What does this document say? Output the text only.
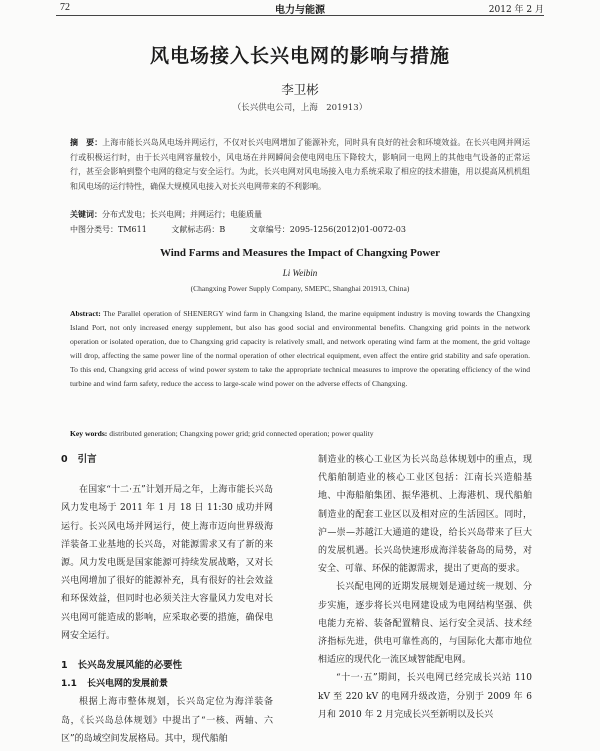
72	电力与能源	2012 年 2 月
风电场接入长兴电网的影响与措施
李卫彬
（长兴供电公司，上海　201913）
摘　要：上海市能长兴岛风电场并网运行，不仅对长兴电网增加了能源补充，同时具有良好的社会和环境效益。在长兴电网并网运行或积极运行时，由于长兴电网容量较小，风电场在并网瞬间会使电网电压下降较大，影响同一电网上的其他电气设备的正常运行，甚至会影响到整个电网的稳定与安全运行。为此，长兴电网对风电场接入电力系统采取了相应的技术措施，用以提高风机机组和风电场的运行特性，确保大规模风电接入对长兴电网带来的不利影响。
关键词：分布式发电；长兴电网；并网运行；电能质量
中图分类号：TM611	文献标志码：B	文章编号：2095-1256(2012)01-0072-03
Wind Farms and Measures the Impact of Changxing Power
Li Weibin
(Changxing Power Supply Company, SMEPC, Shanghai 201913, China)
Abstract: The Parallel operation of SHENERGY wind farm in Changxing Island, the marine equipment industry is moving towards the Changxing Island Port, not only increased energy supplement, but also has good social and environmental benefits. Changxing grid points in the network operation or isolated operation, due to Changxing grid capacity is relatively small, and network operating wind farm at the moment, the grid voltage will drop, affecting the same power line of the normal operation of other electrical equipment, even affect the entire grid stability and safe operation. To this end, Changxing grid access of wind power system to take the appropriate technical measures to improve the operating efficiency of the wind turbine and wind farm safety, reduce the access to large-scale wind power on the adverse effects of Changxing.
Key words: distributed generation; Changxing power grid; grid connected operation; power quality
0 引言

在国家“十二·五”计划开局之年，上海市能长兴岛风力发电场于 2011 年 1 月 18 日 11:30 成功并网运行。长兴风电场并网运行，使上海市迈向世界级海洋装备工业基地的长兴岛，对能源需求又有了新的来源。风力发电既是国家能源可持续发展战略，又对长兴电网增加了很好的能源补充，具有很好的社会效益和环保效益，但同时也必须关注大容量风力发电对长兴电网可能造成的影响，应采取必要的措施，确保电网安全运行。

1 长兴岛发展风能的必要性
1.1 长兴电网的发展前景

根据上海市整体规划，长兴岛定位为海洋装备岛，《长兴岛总体规划》中提出了“一核、两轴、六区”的岛域空间发展格局。其中，现代船舶

制造业的核心工业区为长兴岛总体规划中的重点，现代船舶制造业的核心工业区包括：江南长兴造船基地、中海船舶集团、振华港机、上海港机、现代船舶制造业的配套工业区以及相对应的生活园区。同时，沪—崇—苏越江大通道的建设，给长兴岛带来了巨大的发展机遇。长兴岛快速形成海洋装备岛的局势，对安全、可靠、环保的能源需求，提出了更高的要求。

长兴配电网的近期发展规划是通过统一规划、分步实施，逐步将长兴电网建设成为电网结构坚强、供电能力充裕、装备配置精良、运行安全灵活、技术经济指标先进，供电可靠性高的，与国际化大都市地位相适应的现代化一流区域智能配电网。

“十一·五”期间，长兴电网已经完成长兴站 110 kV 至 220 kV 的电网升级改造，分别于 2009 年 6 月和 2010 年 2 月完成长兴至新明以及长兴
